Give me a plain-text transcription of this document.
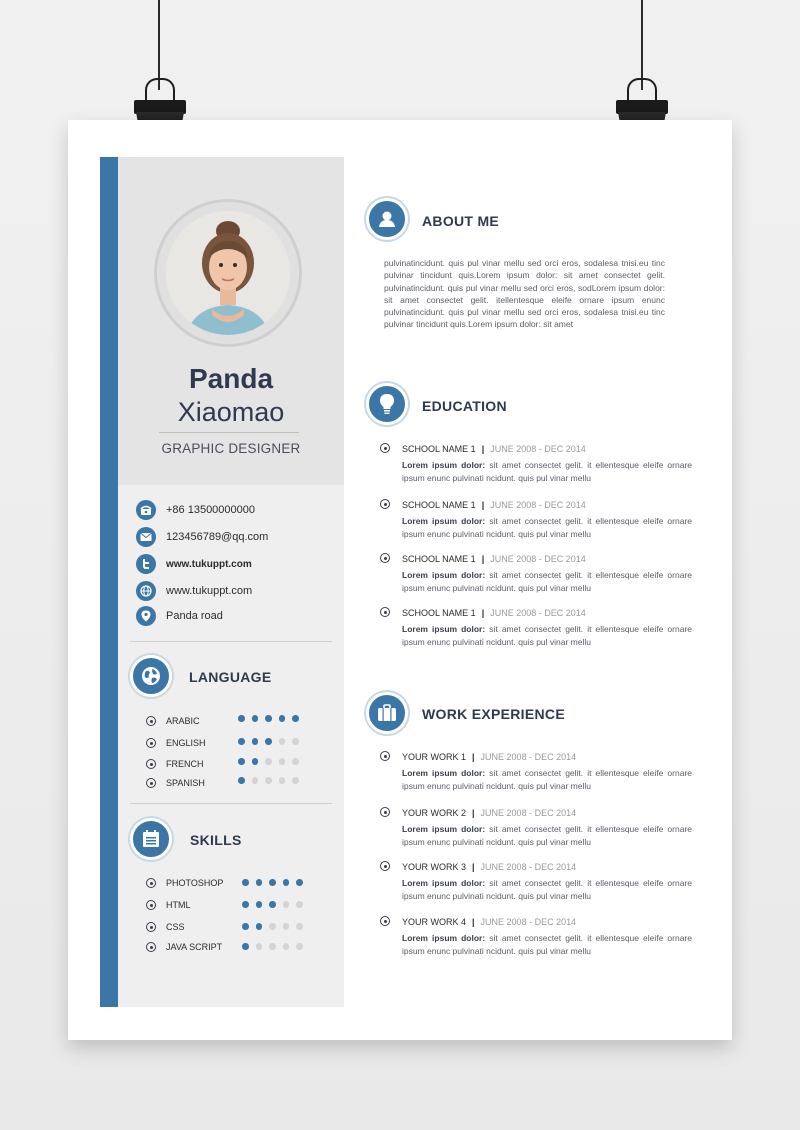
Panda
Xiaomao
GRAPHIC DESIGNER
+86 13500000000
123456789@qq.com
www.tukuppt.com
www.tukuppt.com
Panda road
LANGUAGE
ARABIC
ENGLISH
FRENCH
SPANISH
SKILLS
PHOTOSHOP
HTML
CSS
JAVA SCRIPT
ABOUT ME
pulvinatincidunt. quis pul vinar mellu sed orci eros, sodalesa tnisi.eu tinc pulvinar tincidunt quis.Lorem ipsum dolor: sit amet consectet gelit. pulvinatincidunt. quis pul vinar mellu sed orci eros, sodLorem ipsum dolor: sit amet consectet gelit. itellentesque eleife ornare ipsum enunc pulvinatincidunt. quis pul vinar mellu sed orci eros, sodalesa tnisi.eu tinc pulvinar tincidunt quis.Lorem ipsum dolor: sit amet
EDUCATION
SCHOOL NAME 1 | JUNE 2008 - DEC 2014
Lorem ipsum dolor: sit amet consectet gelit. it ellentesque eleife ornare ipsum enunc pulvinati ncidunt. quis pul vinar mellu
SCHOOL NAME 1 | JUNE 2008 - DEC 2014
Lorem ipsum dolor: sit amet consectet gelit. it ellentesque eleife ornare ipsum enunc pulvinati ncidunt. quis pul vinar mellu
SCHOOL NAME 1 | JUNE 2008 - DEC 2014
Lorem ipsum dolor: sit amet consectet gelit. it ellentesque eleife ornare ipsum enunc pulvinati ncidunt. quis pul vinar mellu
SCHOOL NAME 1 | JUNE 2008 - DEC 2014
Lorem ipsum dolor: sit amet consectet gelit. it ellentesque eleife ornare ipsum enunc pulvinati ncidunt. quis pul vinar mellu
WORK EXPERIENCE
YOUR WORK 1 | JUNE 2008 - DEC 2014
Lorem ipsum dolor: sit amet consectet gelit. it ellentesque eleife ornare ipsum enunc pulvinati ncidunt. quis pul vinar mellu
YOUR WORK 2 | JUNE 2008 - DEC 2014
Lorem ipsum dolor: sit amet consectet gelit. it ellentesque eleife ornare ipsum enunc pulvinati ncidunt. quis pul vinar mellu
YOUR WORK 3 | JUNE 2008 - DEC 2014
Lorem ipsum dolor: sit amet consectet gelit. it ellentesque eleife ornare ipsum enunc pulvinati ncidunt. quis pul vinar mellu
YOUR WORK 4 | JUNE 2008 - DEC 2014
Lorem ipsum dolor: sit amet consectet gelit. it ellentesque eleife ornare ipsum enunc pulvinati ncidunt. quis pul vinar mellu
